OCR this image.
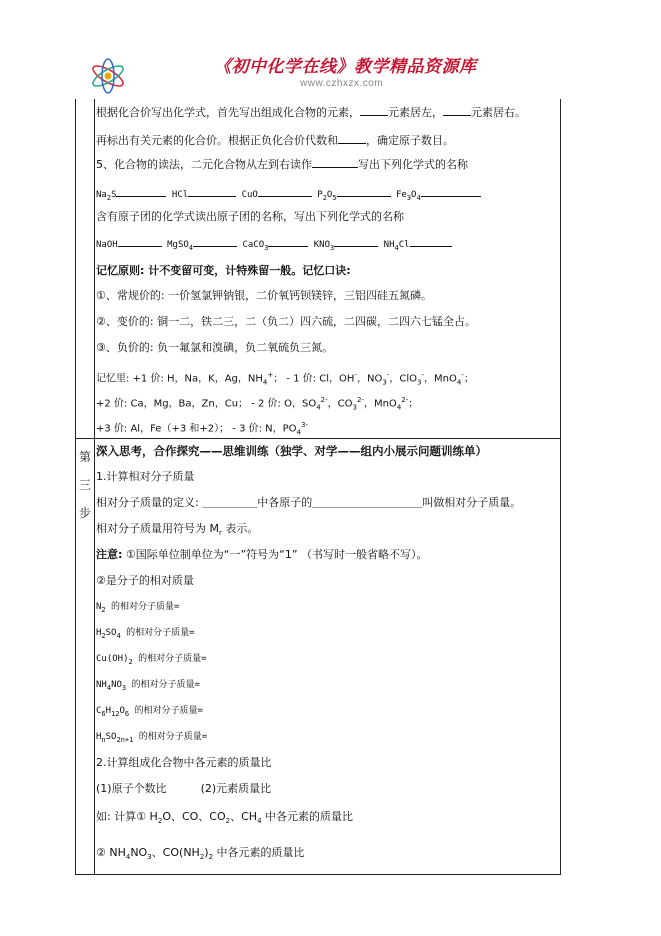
《初中化学在线》教学精品资源库
www.czhxzx.com
根据化合价写出化学式，首先写出组成化合物的元素，	元素居左，	元素居右。
再标出有关元素的化合价。根据正负化合价代数和	，确定原子数目。
5、化合物的读法，二元化合物从左到右读作	写出下列化学式的名称
$Na_2S$	HCl	CuO	$P_2O_5$	$Fe_3O_4$
含有原子团的化学式读出原子团的名称，写出下列化学式的名称
NaOH	MgSO$_4$	CaCO$_3$	$KNO_3$	$NH_4Cl$
记忆原则: 计不变留可变，计特殊留一般。记忆口诀:
①、常规价的: 一价氢氯钾钠银，二价氧钙钡镁锌，三铝四硅五氮磷。
②、变价的: 铜一二，铁二三，二（负二）四六硫，二四碳，二四六七锰全占。
③、负价的: 负一氟氯和溴碘，负二氧硫负三氮。
记忆里: +1 价: H，Na，K，Ag，$NH_4^+$； - 1 价: Cl，OH-，$NO_3^-$，ClO$_3$-，MnO$_4$-；
+2 价: Ca，Mg，Ba，Zn，Cu； - 2 价: O，$SO_4^{2-}$，$CO_3^{2-}$，MnO$_4^{2-}$；
+3 价: Al，Fe（+3 和+2）； - 3 价: N，$PO_4^{3-}$
第
三
步
深入思考，合作探究——思维训练（独学、对学——组内小展示问题训练单）
1.计算相对分子质量
相对分子质量的定义: ＿＿＿＿＿中各原子的＿＿＿＿＿＿＿＿＿＿叫做相对分子质量。
相对分子质量用符号为 $M_r$ 表示。
注意: ①国际单位制单位为“一”符号为“1” （书写时一般省略不写）。
②是分子的相对质量
$N_2$ 的相对分子质量=
$H_2SO_4$ 的相对分子质量=
$Cu(OH)_2$ 的相对分子质量=
$NH_4NO_3$ 的相对分子质量=
$C_6H_{12}O_6$ 的相对分子质量=
$H_nSO_{2n+1}$ 的相对分子质量=
2.计算组成化合物中各元素的质量比
(1)原子个数比	(2)元素质量比
如: 计算① $H_2O$、CO、$CO_2$、$CH_4$ 中各元素的质量比
② $NH_4NO_3$、$CO(NH_2)_2$ 中各元素的质量比
